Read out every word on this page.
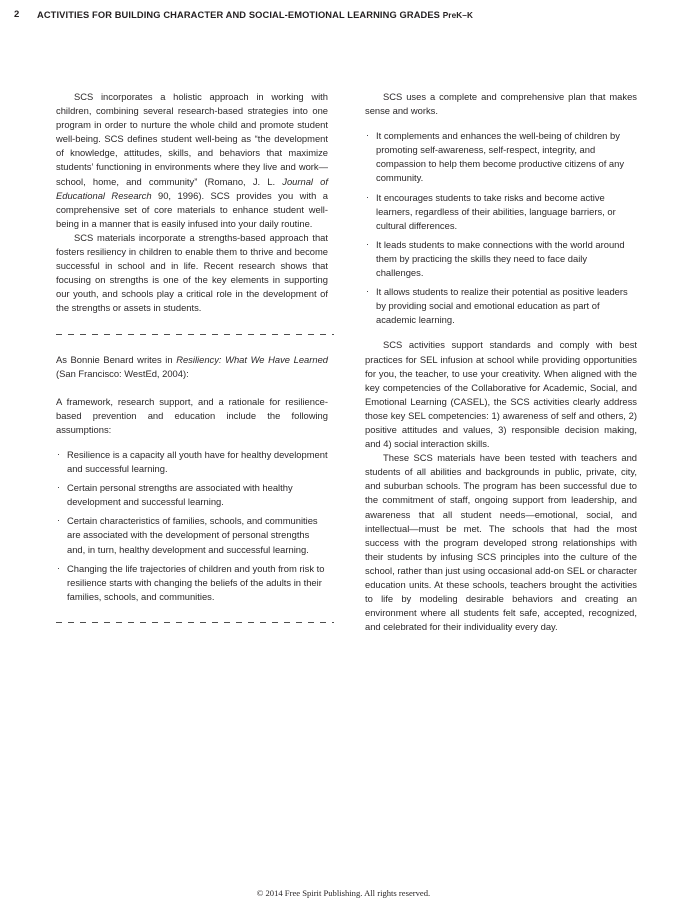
2 ACTIVITIES FOR BUILDING CHARACTER AND SOCIAL-EMOTIONAL LEARNING GRADES PreK–K

SCS incorporates a holistic approach in working with children, combining several research-based strategies into one program in order to nurture the whole child and promote student well-being. SCS defines student well-being as “the development of knowledge, attitudes, skills, and behaviors that maximize students’ functioning in environments where they live and work—school, home, and community” (Romano, J. L. Journal of Educational Research 90, 1996). SCS provides you with a comprehensive set of core materials to enhance student well-being in a manner that is easily infused into your daily routine.

SCS materials incorporate a strengths-based approach that fosters resiliency in children to enable them to thrive and become successful in school and in life. Recent research shows that focusing on strengths is one of the key elements in supporting our youth, and schools play a critical role in the development of the strengths or assets in students.

As Bonnie Benard writes in Resiliency: What We Have Learned (San Francisco: WestEd, 2004):

A framework, research support, and a rationale for resilience-based prevention and education include the following assumptions:

· Resilience is a capacity all youth have for healthy development and successful learning.
· Certain personal strengths are associated with healthy development and successful learning.
· Certain characteristics of families, schools, and communities are associated with the development of personal strengths and, in turn, healthy development and successful learning.
· Changing the life trajectories of children and youth from risk to resilience starts with changing the beliefs of the adults in their families, schools, and communities.

SCS uses a complete and comprehensive plan that makes sense and works.

· It complements and enhances the well-being of children by promoting self-awareness, self-respect, integrity, and compassion to help them become productive citizens of any community.
· It encourages students to take risks and become active learners, regardless of their abilities, language barriers, or cultural differences.
· It leads students to make connections with the world around them by practicing the skills they need to face daily challenges.
· It allows students to realize their potential as positive leaders by providing social and emotional education as part of academic learning.

SCS activities support standards and comply with best practices for SEL infusion at school while providing opportunities for you, the teacher, to use your creativity. When aligned with the key competencies of the Collaborative for Academic, Social, and Emotional Learning (CASEL), the SCS activities clearly address those key SEL competencies: 1) awareness of self and others, 2) positive attitudes and values, 3) responsible decision making, and 4) social interaction skills.

These SCS materials have been tested with teachers and students of all abilities and backgrounds in public, private, city, and suburban schools. The program has been successful due to the commitment of staff, ongoing support from leadership, and awareness that all student needs—emotional, social, and intellectual—must be met. The schools that had the most success with the program developed strong relationships with their students by infusing SCS principles into the culture of the school, rather than just using occasional add-on SEL or character education units. At these schools, teachers brought the activities to life by modeling desirable behaviors and creating an environment where all students felt safe, accepted, recognized, and celebrated for their individuality every day.

© 2014 Free Spirit Publishing. All rights reserved.
